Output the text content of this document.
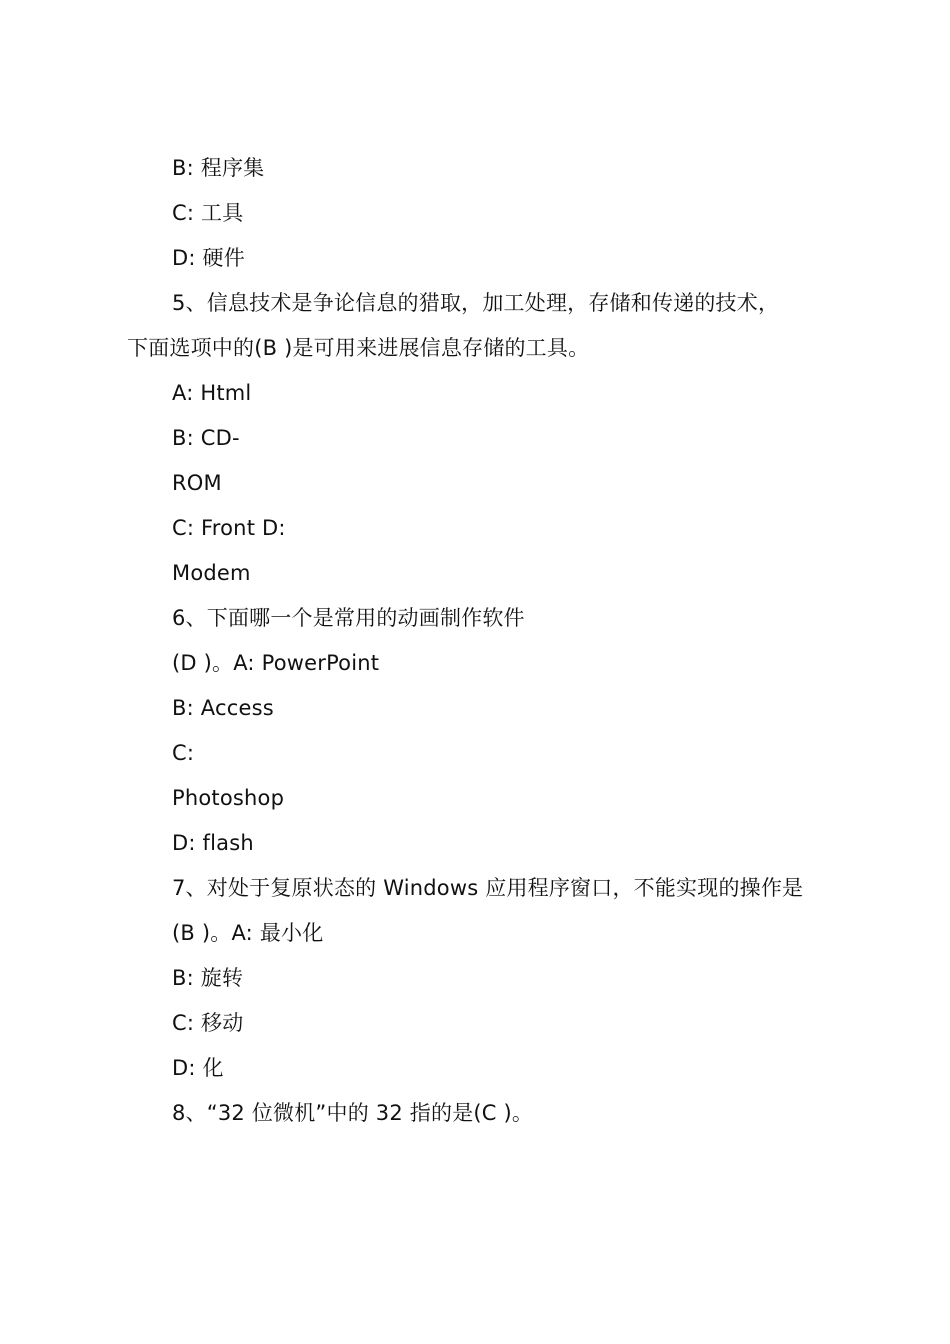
B: 程序集
C: 工具
D: 硬件
5、信息技术是争论信息的猎取，加工处理，存储和传递的技术，
下面选项中的(B )是可用来进展信息存储的工具。
A: Html
B: CD-
ROM
C: Front D:
Modem
6、下面哪一个是常用的动画制作软件
(D )。A: PowerPoint
B: Access
C:
Photoshop
D: flash
7、对处于复原状态的 Windows 应用程序窗口，不能实现的操作是
(B )。A: 最小化
B: 旋转
C: 移动
D: 化
8、“32 位微机”中的 32 指的是(C )。
